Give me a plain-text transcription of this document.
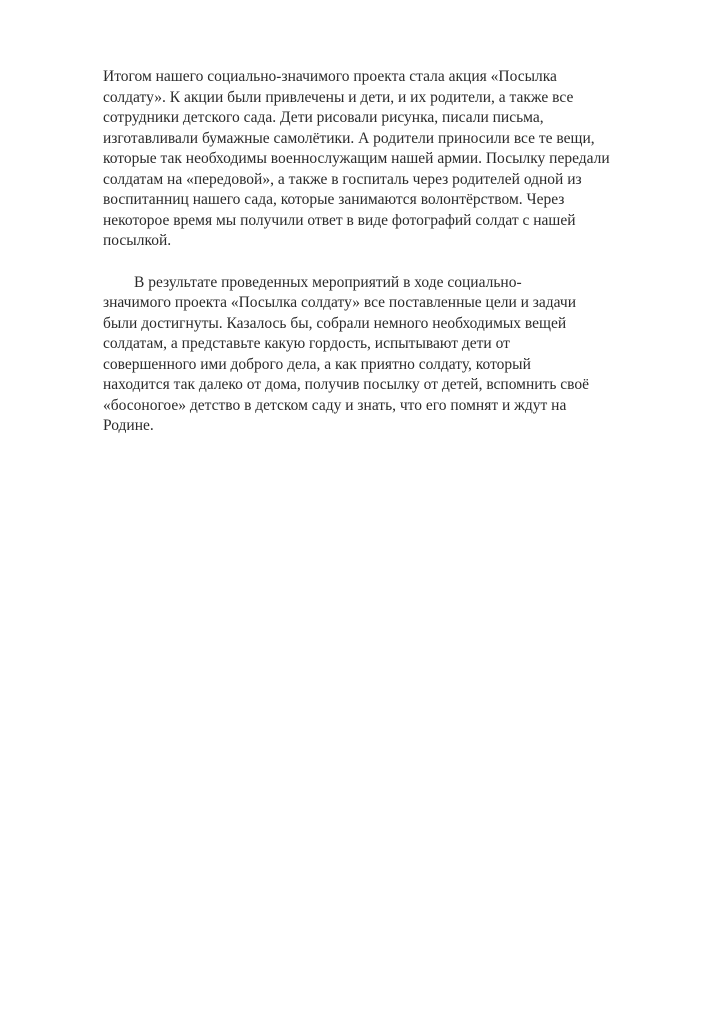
Итогом нашего социально-значимого проекта стала акция «Посылка
солдату». К акции были привлечены и дети, и их родители, а также все
сотрудники детского сада. Дети рисовали рисунка, писали письма,
изготавливали бумажные самолётики. А родители приносили все те вещи,
которые так необходимы военнослужащим нашей армии. Посылку передали
солдатам на «передовой», а также в госпиталь через родителей одной из
воспитанниц нашего сада, которые занимаются волонтёрством. Через
некоторое время мы получили ответ в виде фотографий солдат с нашей
посылкой.

В результате проведенных мероприятий в ходе социально-
значимого проекта «Посылка солдату» все поставленные цели и задачи
были достигнуты. Казалось бы, собрали немного необходимых вещей
солдатам, а представьте какую гордость, испытывают дети от
совершенного ими доброго дела, а как приятно солдату, который
находится так далеко от дома, получив посылку от детей, вспомнить своё
«босоногое» детство в детском саду и знать, что его помнят и ждут на
Родине.
